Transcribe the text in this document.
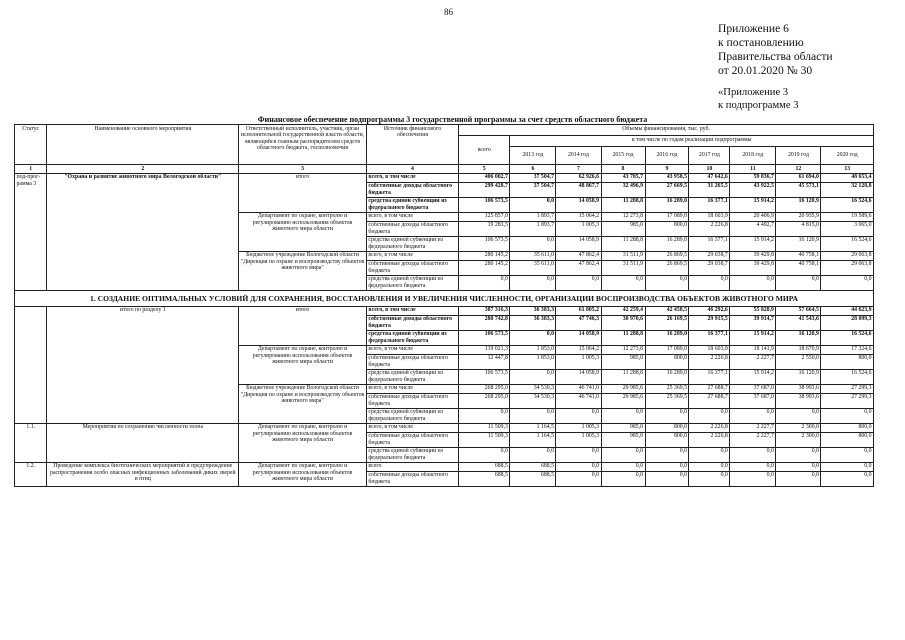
86
Приложение 6
к постановлению
Правительства области
от 20.01.2020 № 30
«Приложение 3
к подпрограмме 3
Финансовое обеспечение подпрограммы 3 государственной программы за счет средств областного бюджета
Статус	Наименование основного мероприятия	Ответственный исполнитель, участник, орган исполнительной государственной власти области, являющийся главным распорядителем средств областного бюджета, госполномочия	Источник финансового обеспечения	Объемы финансирования, тыс. руб.								
				всего	в том числе по годам реализации подпрограммы							
					2013 год	2014 год	2015 год	2016 год	2017 год	2018 год	2019 год	2020 год
1	2	3	4	5	6	7	8	9	10	11	12	13
под-прог-рамма 3	"Охрана и развитие животного мира Вологодской области"	итого	всего, в том числе	406 002,7	37 504,7	62 926,6	43 785,7	43 958,5	47 642,6	59 836,7	61 694,0	48 653,4
			собственные доходы областного бюджета	299 428,7	37 504,7	48 867,7	32 496,9	27 669,5	31 265,5	43 922,5	45 573,1	32 128,8
			средства единой субвенции из федерального бюджета	106 573,5	0,0	14 058,9	11 288,8	16 289,0	16 377,1	15 914,2	16 120,9	16 524,6
		Департамент по охране, контролю и регулированию использования объектов животного мира области	всего, в том числе	125 857,0	1 893,7	15 064,2	12 273,8	17 089,0	18 603,9	20 406,9	20 935,9	19 589,6
			собственные доходы областного бюджета	19 283,5	1 893,7	1 005,3	985,0	800,0	2 226,8	4 492,7	4 815,0	3 065,0
			средства единой субвенции из федерального бюджета	106 573,5	0,0	14 058,9	11 288,8	16 289,0	16 377,1	15 914,2	16 120,9	16 524,6
		Бюджетное учреждение Вологодской области "Дирекция по охране и воспроизводству объектов животного мира"	всего, в том числе	280 145,2	35 611,0	47 862,4	31 511,9	26 869,5	29 038,7	39 429,8	40 758,1	29 063,8
			собственные доходы областного бюджета	280 145,2	35 611,0	47 862,4	31 511,9	26 869,5	29 038,7	39 429,8	40 758,1	29 063,8
			средства единой субвенции из федерального бюджета	0,0	0,0	0,0	0,0	0,0	0,0	0,0	0,0	0,0
1. СОЗДАНИЕ ОПТИМАЛЬНЫХ УСЛОВИЙ ДЛЯ СОХРАНЕНИЯ, ВОССТАНОВЛЕНИЯ И УВЕЛИЧЕНИЯ ЧИСЛЕННОСТИ, ОРГАНИЗАЦИИ ВОСПРОИЗВОДСТВА ОБЪЕКТОВ ЖИВОТНОГО МИРА												
	итого по разделу 1	итого	всего, в том числе	387 316,3	36 383,3	61 805,2	42 259,4	42 458,5	46 292,6	55 828,9	57 664,5	44 623,9
			собственные доходы областного бюджета	280 742,8	36 383,3	47 746,3	30 970,6	26 169,5	29 915,5	39 914,7	41 543,6	28 099,3
			средства единой субвенции из федерального бюджета	106 573,5	0,0	14 058,9	11 288,8	16 289,0	16 377,1	15 914,2	16 120,9	16 524,6
		Департамент по охране, контролю и регулированию использования объектов животного мира области	всего, в том числе	119 021,3	1 853,0	15 064,2	12 273,8	17 089,0	18 603,9	18 141,9	18 670,9	17 324,6
			собственные доходы областного бюджета	12 447,8	1 853,0	1 005,3	985,0	800,0	2 226,8	2 227,7	2 550,0	800,0
			средства единой субвенции из федерального бюджета	106 573,5	0,0	14 058,9	11 288,8	16 289,0	16 377,1	15 914,2	16 120,9	16 524,6
		Бюджетное учреждение Вологодской области "Дирекция по охране и воспроизводству объектов животного мира"	всего, в том числе	268 295,0	34 530,3	46 741,0	29 985,6	25 369,5	27 688,7	37 687,0	38 993,6	27 299,3
			собственные доходы областного бюджета	268 295,0	34 530,3	46 741,0	29 985,6	25 369,5	27 688,7	37 687,0	38 993,6	27 299,3
			средства единой субвенции из федерального бюджета	0,0	0,0	0,0	0,0	0,0	0,0	0,0	0,0	0,0
1.1.	Мероприятия по сохранению численности зоопа	Департамент по охране, контролю и регулированию использования объектов животного мира области	всего, в том числе	11 509,3	1 164,5	1 005,3	985,0	800,0	2 226,8	2 227,7	2 300,0	800,0
			собственные доходы областного бюджета	11 509,3	1 164,5	1 005,3	985,0	800,0	2 226,8	2 227,7	2 300,0	800,0
			средства единой субвенции из федерального бюджета	0,0	0,0	0,0	0,0	0,0	0,0	0,0	0,0	0,0
1.2.	Проведение комплекса биотехнических мероприятий и предупреждение распространения особо опасных инфекционных заболеваний диких зверей и птиц	Департамент по охране, контролю и регулированию использования объектов животного мира области	всего	688,5	688,5	0,0	0,0	0,0	0,0	0,0	0,0	0,0
			собственные доходы областного бюджета	688,5	688,5	0,0	0,0	0,0	0,0	0,0	0,0	0,0
